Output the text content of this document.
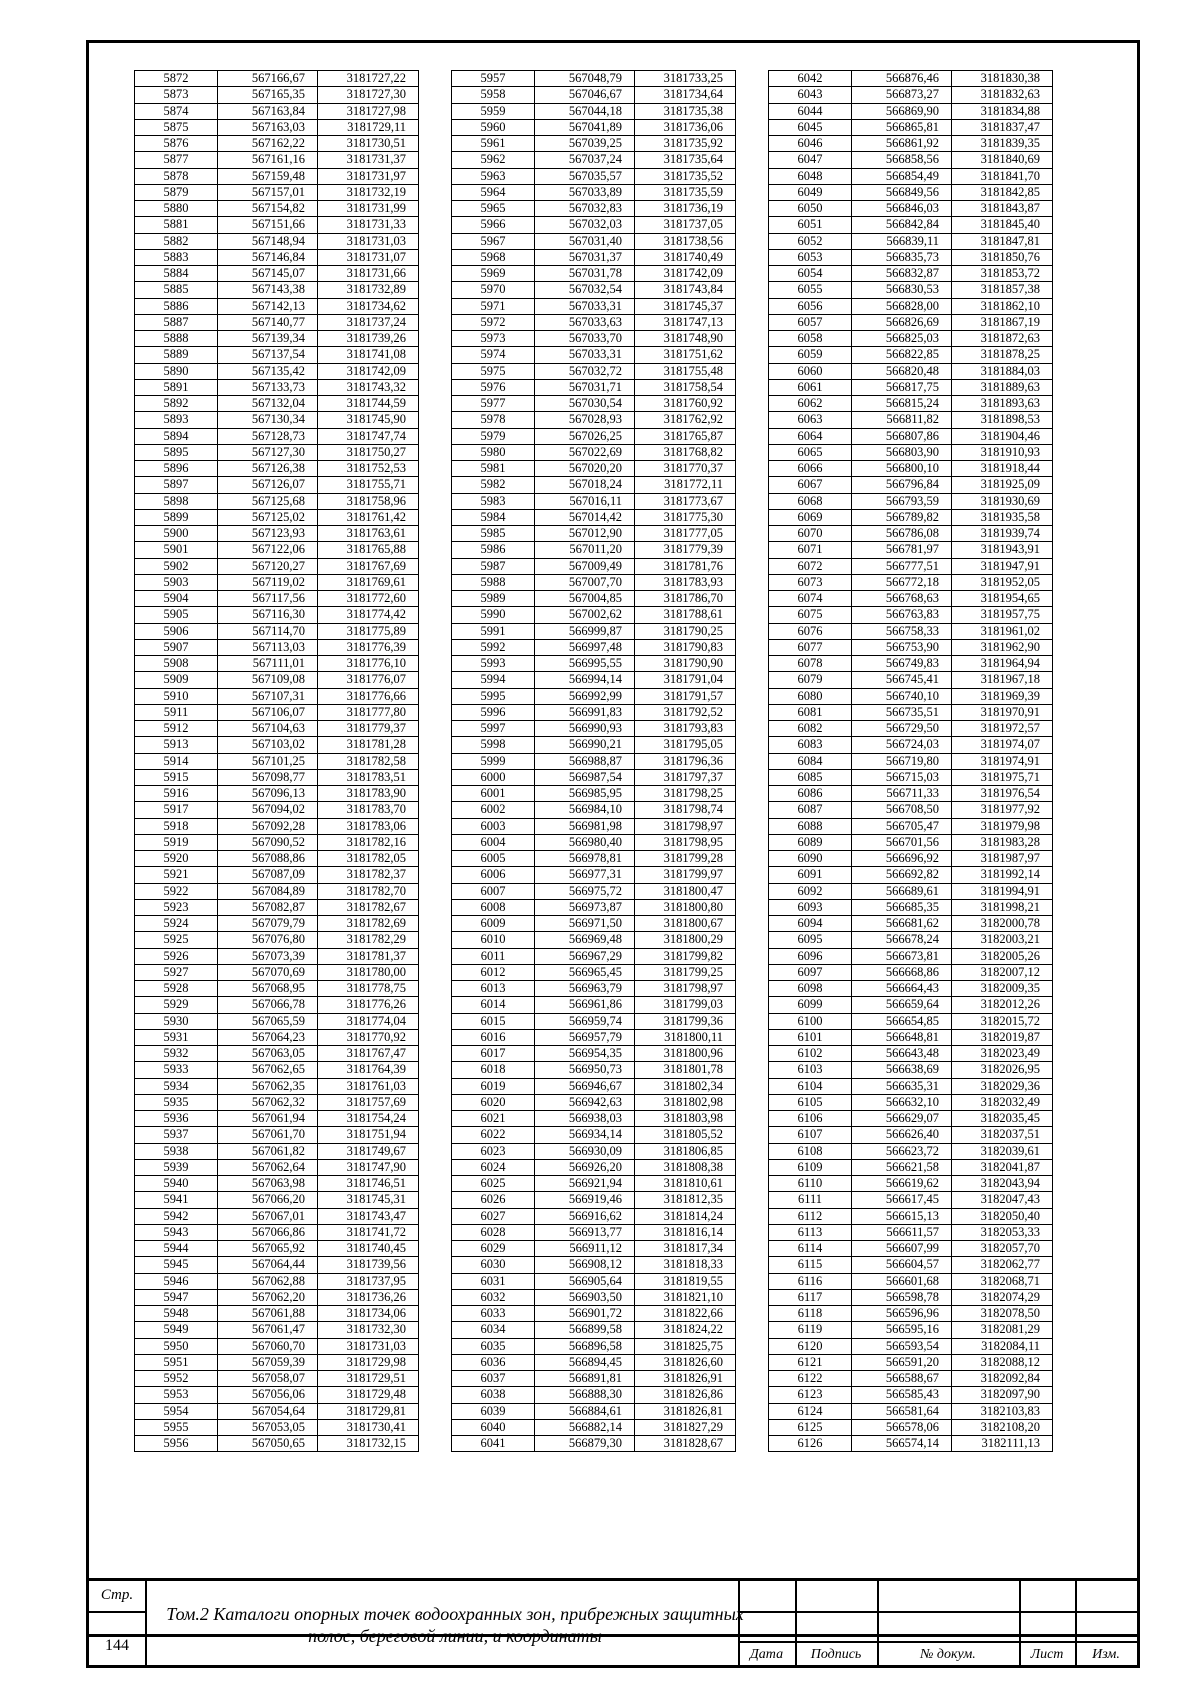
5872	567166,67	3181727,22
5873	567165,35	3181727,30
5874	567163,84	3181727,98
5875	567163,03	3181729,11
5876	567162,22	3181730,51
5877	567161,16	3181731,37
5878	567159,48	3181731,97
5879	567157,01	3181732,19
5880	567154,82	3181731,99
5881	567151,66	3181731,33
5882	567148,94	3181731,03
5883	567146,84	3181731,07
5884	567145,07	3181731,66
5885	567143,38	3181732,89
5886	567142,13	3181734,62
5887	567140,77	3181737,24
5888	567139,34	3181739,26
5889	567137,54	3181741,08
5890	567135,42	3181742,09
5891	567133,73	3181743,32
5892	567132,04	3181744,59
5893	567130,34	3181745,90
5894	567128,73	3181747,74
5895	567127,30	3181750,27
5896	567126,38	3181752,53
5897	567126,07	3181755,71
5898	567125,68	3181758,96
5899	567125,02	3181761,42
5900	567123,93	3181763,61
5901	567122,06	3181765,88
5902	567120,27	3181767,69
5903	567119,02	3181769,61
5904	567117,56	3181772,60
5905	567116,30	3181774,42
5906	567114,70	3181775,89
5907	567113,03	3181776,39
5908	567111,01	3181776,10
5909	567109,08	3181776,07
5910	567107,31	3181776,66
5911	567106,07	3181777,80
5912	567104,63	3181779,37
5913	567103,02	3181781,28
5914	567101,25	3181782,58
5915	567098,77	3181783,51
5916	567096,13	3181783,90
5917	567094,02	3181783,70
5918	567092,28	3181783,06
5919	567090,52	3181782,16
5920	567088,86	3181782,05
5921	567087,09	3181782,37
5922	567084,89	3181782,70
5923	567082,87	3181782,67
5924	567079,79	3181782,69
5925	567076,80	3181782,29
5926	567073,39	3181781,37
5927	567070,69	3181780,00
5928	567068,95	3181778,75
5929	567066,78	3181776,26
5930	567065,59	3181774,04
5931	567064,23	3181770,92
5932	567063,05	3181767,47
5933	567062,65	3181764,39
5934	567062,35	3181761,03
5935	567062,32	3181757,69
5936	567061,94	3181754,24
5937	567061,70	3181751,94
5938	567061,82	3181749,67
5939	567062,64	3181747,90
5940	567063,98	3181746,51
5941	567066,20	3181745,31
5942	567067,01	3181743,47
5943	567066,86	3181741,72
5944	567065,92	3181740,45
5945	567064,44	3181739,56
5946	567062,88	3181737,95
5947	567062,20	3181736,26
5948	567061,88	3181734,06
5949	567061,47	3181732,30
5950	567060,70	3181731,03
5951	567059,39	3181729,98
5952	567058,07	3181729,51
5953	567056,06	3181729,48
5954	567054,64	3181729,81
5955	567053,05	3181730,41
5956	567050,65	3181732,15
5957	567048,79	3181733,25
5958	567046,67	3181734,64
5959	567044,18	3181735,38
5960	567041,89	3181736,06
5961	567039,25	3181735,92
5962	567037,24	3181735,64
5963	567035,57	3181735,52
5964	567033,89	3181735,59
5965	567032,83	3181736,19
5966	567032,03	3181737,05
5967	567031,40	3181738,56
5968	567031,37	3181740,49
5969	567031,78	3181742,09
5970	567032,54	3181743,84
5971	567033,31	3181745,37
5972	567033,63	3181747,13
5973	567033,70	3181748,90
5974	567033,31	3181751,62
5975	567032,72	3181755,48
5976	567031,71	3181758,54
5977	567030,54	3181760,92
5978	567028,93	3181762,92
5979	567026,25	3181765,87
5980	567022,69	3181768,82
5981	567020,20	3181770,37
5982	567018,24	3181772,11
5983	567016,11	3181773,67
5984	567014,42	3181775,30
5985	567012,90	3181777,05
5986	567011,20	3181779,39
5987	567009,49	3181781,76
5988	567007,70	3181783,93
5989	567004,85	3181786,70
5990	567002,62	3181788,61
5991	566999,87	3181790,25
5992	566997,48	3181790,83
5993	566995,55	3181790,90
5994	566994,14	3181791,04
5995	566992,99	3181791,57
5996	566991,83	3181792,52
5997	566990,93	3181793,83
5998	566990,21	3181795,05
5999	566988,87	3181796,36
6000	566987,54	3181797,37
6001	566985,95	3181798,25
6002	566984,10	3181798,74
6003	566981,98	3181798,97
6004	566980,40	3181798,95
6005	566978,81	3181799,28
6006	566977,31	3181799,97
6007	566975,72	3181800,47
6008	566973,87	3181800,80
6009	566971,50	3181800,67
6010	566969,48	3181800,29
6011	566967,29	3181799,82
6012	566965,45	3181799,25
6013	566963,79	3181798,97
6014	566961,86	3181799,03
6015	566959,74	3181799,36
6016	566957,79	3181800,11
6017	566954,35	3181800,96
6018	566950,73	3181801,78
6019	566946,67	3181802,34
6020	566942,63	3181802,98
6021	566938,03	3181803,98
6022	566934,14	3181805,52
6023	566930,09	3181806,85
6024	566926,20	3181808,38
6025	566921,94	3181810,61
6026	566919,46	3181812,35
6027	566916,62	3181814,24
6028	566913,77	3181816,14
6029	566911,12	3181817,34
6030	566908,12	3181818,33
6031	566905,64	3181819,55
6032	566903,50	3181821,10
6033	566901,72	3181822,66
6034	566899,58	3181824,22
6035	566896,58	3181825,75
6036	566894,45	3181826,60
6037	566891,81	3181826,91
6038	566888,30	3181826,86
6039	566884,61	3181826,81
6040	566882,14	3181827,29
6041	566879,30	3181828,67
6042	566876,46	3181830,38
6043	566873,27	3181832,63
6044	566869,90	3181834,88
6045	566865,81	3181837,47
6046	566861,92	3181839,35
6047	566858,56	3181840,69
6048	566854,49	3181841,70
6049	566849,56	3181842,85
6050	566846,03	3181843,87
6051	566842,84	3181845,40
6052	566839,11	3181847,81
6053	566835,73	3181850,76
6054	566832,87	3181853,72
6055	566830,53	3181857,38
6056	566828,00	3181862,10
6057	566826,69	3181867,19
6058	566825,03	3181872,63
6059	566822,85	3181878,25
6060	566820,48	3181884,03
6061	566817,75	3181889,63
6062	566815,24	3181893,63
6063	566811,82	3181898,53
6064	566807,86	3181904,46
6065	566803,90	3181910,93
6066	566800,10	3181918,44
6067	566796,84	3181925,09
6068	566793,59	3181930,69
6069	566789,82	3181935,58
6070	566786,08	3181939,74
6071	566781,97	3181943,91
6072	566777,51	3181947,91
6073	566772,18	3181952,05
6074	566768,63	3181954,65
6075	566763,83	3181957,75
6076	566758,33	3181961,02
6077	566753,90	3181962,90
6078	566749,83	3181964,94
6079	566745,41	3181967,18
6080	566740,10	3181969,39
6081	566735,51	3181970,91
6082	566729,50	3181972,57
6083	566724,03	3181974,07
6084	566719,80	3181974,91
6085	566715,03	3181975,71
6086	566711,33	3181976,54
6087	566708,50	3181977,92
6088	566705,47	3181979,98
6089	566701,56	3181983,28
6090	566696,92	3181987,97
6091	566692,82	3181992,14
6092	566689,61	3181994,91
6093	566685,35	3181998,21
6094	566681,62	3182000,78
6095	566678,24	3182003,21
6096	566673,81	3182005,26
6097	566668,86	3182007,12
6098	566664,43	3182009,35
6099	566659,64	3182012,26
6100	566654,85	3182015,72
6101	566648,81	3182019,87
6102	566643,48	3182023,49
6103	566638,69	3182026,95
6104	566635,31	3182029,36
6105	566632,10	3182032,49
6106	566629,07	3182035,45
6107	566626,40	3182037,51
6108	566623,72	3182039,61
6109	566621,58	3182041,87
6110	566619,62	3182043,94
6111	566617,45	3182047,43
6112	566615,13	3182050,40
6113	566611,57	3182053,33
6114	566607,99	3182057,70
6115	566604,57	3182062,77
6116	566601,68	3182068,71
6117	566598,78	3182074,29
6118	566596,96	3182078,50
6119	566595,16	3182081,29
6120	566593,54	3182084,11
6121	566591,20	3182088,12
6122	566588,67	3182092,84
6123	566585,43	3182097,90
6124	566581,64	3182103,83
6125	566578,06	3182108,20
6126	566574,14	3182111,13
Стр.
144
Том.2 Каталоги опорных точек водоохранных зон, прибрежных защитных полос, береговой линии, и координаты
Дата	Подпись	№ докум.	Лист	Изм.
